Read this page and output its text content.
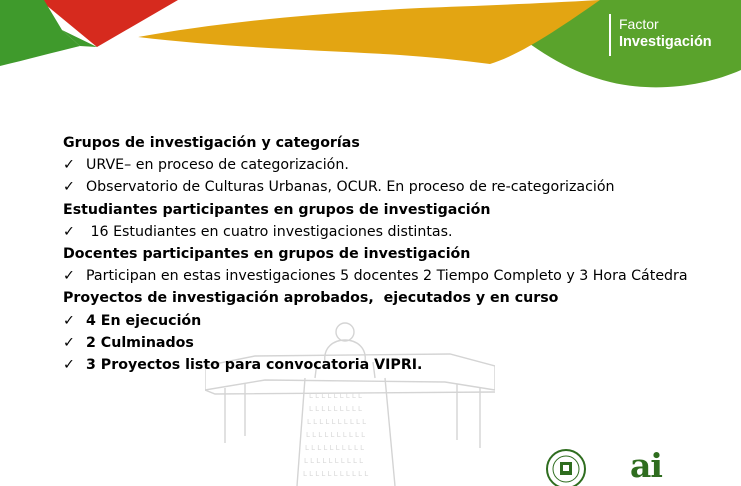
Factor
Investigación
L L L L L L L L L
L L L L L L L L L
L L L L L L L L L L
L L L L L L L L L L
L L L L L L L L L L
L L L L L L L L L L
L L L L L L L L L L L

Grupos de investigación y categorías

✓ URVE– en proceso de categorización.

✓ Observatorio de Culturas Urbanas, OCUR. En proceso de re-categorización

Estudiantes participantes en grupos de investigación

✓ 16 Estudiantes en cuatro investigaciones distintas.

Docentes participantes en grupos de investigación

✓ Participan en estas investigaciones 5 docentes 2 Tiempo Completo y 3 Hora Cátedra

Proyectos de investigación aprobados,  ejecutados y en curso

✓ 4 En ejecución

✓ 2 Culminados

✓ 3 Proyectos listo para convocatoria VIPRI.

ai
